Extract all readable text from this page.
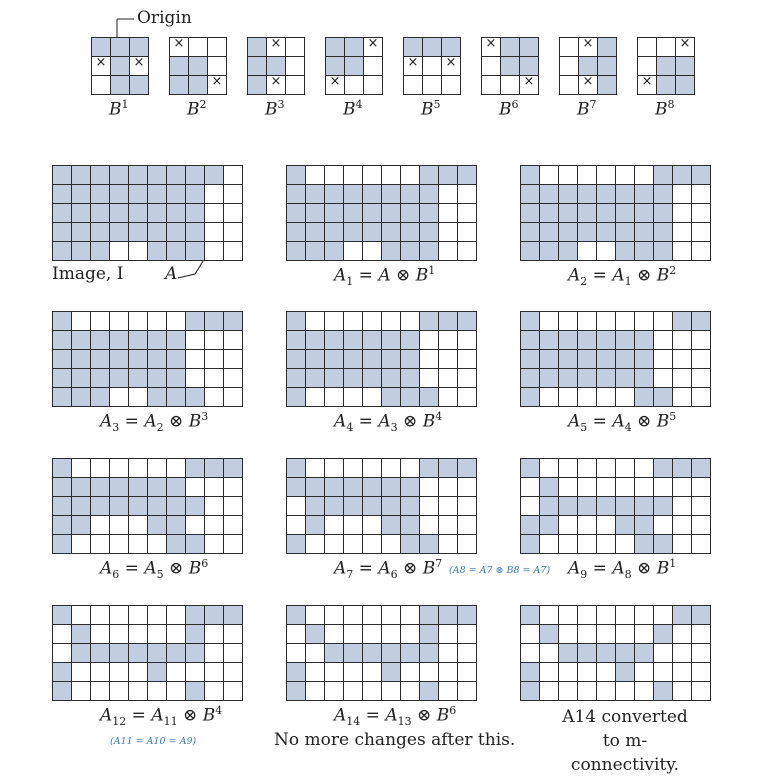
Origin
×
×
$B^1$
×
×	$B^2$
×
×	$B^3$
×
×	$B^4$
×
×	$B^5$
×
×	$B^6$
×
×	$B^7$
×
×	$B^8$
Image, I A	$A_1 = A$ ⊗ $B^1$	$A_2 = A_1$ ⊗ $B^2$
$A_3 = A_2$ ⊗ $B^3$	$A_4 = A_3$ ⊗ $B^4$	$A_5 = A_4$ ⊗ $B^5$
$A_6 = A_5$ ⊗ $B^6$	$A_7 = A_6$ ⊗ $B^7$
(A8 = A7 ⊗ B8 = A7) $A_9 = A_8$ ⊗ $B^1$
$A_{12} = A_{11}$ ⊗ $B^4$
(A11 = A10 = A9)
$A_{14} = A_{13}$ ⊗ $B^6$
No more changes after this.
A14 converted to m-connectivity.
